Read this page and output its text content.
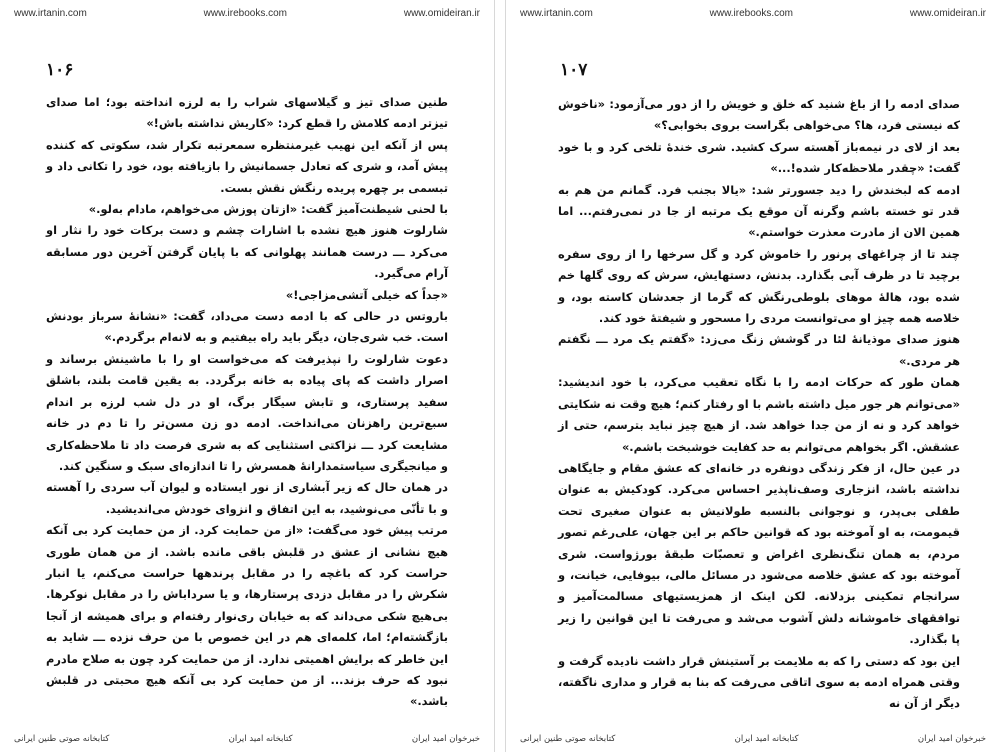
www.irtanin.com	www.irebooks.com	www.omideiran.ir
۱۰۶

طنین صدای تیز و گیلاسهای شراب را به لرزه انداخته بود؛ اما صدای تیزتر ادمه کلامش را قطع کرد: «کاریش نداشته باش!»

پس از آنکه این نهیب غیرمنتظره سمعرتبه تکرار شد، سکوتی که کننده پیش آمد، و شری که تعادل جسمانیش را بازیافته بود، خود را تکانی داد و تبسمی بر چهره پریده رنگش نقش بست.

با لحنی شیطنت‌آمیز گفت: «ازتان پوزش می‌خواهم، مادام به‌لو.»

شارلوت هنوز هیچ نشده با اشارات چشم و دست برکات خود را نثار او می‌کرد ـــ درست همانند پهلوانی که با پایان گرفتن آخرین دور مسابقه آرام می‌گیرد.

«جداً که خیلی آتشی‌مزاجی!»

باروتس در حالی که با ادمه دست می‌داد، گفت: «نشانهٔ سرباز بودنش است. خب شری‌جان، دیگر باید راه بیفتیم و به لانه‌ام برگردم.»

دعوت شارلوت را نپذیرفت که می‌خواست او را با ماشینش برساند و اصرار داشت که پای پیاده به خانه برگردد. به یقین قامت بلند، باشلق سفید پرستاری، و تابش سیگار برگ، او در دل شب لرزه بر اندام سبع‌ترین راهزنان می‌انداخت. ادمه دو زن مسن‌تر را تا دم در خانه مشایعت کرد ـــ نزاکتی استثنایی که به شری فرصت داد تا ملاحظه‌کاری و میانجیگری سیاستمدارانهٔ همسرش را تا اندازه‌ای سبک و سنگین کند.

در همان حال که زیر آبشاری از نور ایستاده و لیوان آب سردی را آهسته و با تأنّی می‌نوشید، به این اتفاق و انزوای خودش می‌اندیشید.

مرتب پیش خود می‌گفت: «از من حمایت کرد. از من حمایت کرد بی آنکه هیچ نشانی از عشق در قلبش باقی مانده باشد. از من همان طوری حراست کرد که باغچه را در مقابل پرندهها حراست می‌کنم، یا انبار شکرش را در مقابل دزدی پرستارها، و یا سرداباش را در مقابل نوکرها. بی‌هیچ شکی می‌داند که به خیابان ری‌نوار رفته‌ام و برای همیشه از آنجا بازگشته‌ام؛ اما، کلمه‌ای هم در این خصوص با من حرف نزده ـــ شاید به این خاطر که برایش اهمیتی ندارد. از من حمایت کرد چون به صلاح مادرم نبود که حرف بزند... از من حمایت کرد بی آنکه هیچ محبتی در قلبش باشد.»

خبرخوان امید ایران
کتابخانه امید ایران
کتابخانه صوتی طنین ایرانی
www.irtanin.com	www.irebooks.com	www.omideiran.ir
۱۰۷

صدای ادمه را از باغ شنید که خلق و خویش را از دور می‌آزمود: «ناخوش که نیستی فرد، ها؟ می‌خواهی بگراست بروی بخوابی؟»

بعد از لای در نیمه‌باز آهسته سرک کشید. شری خندهٔ تلخی کرد و با خود گفت: «چقدر ملاحظه‌کار شده!...»

ادمه که لبخندش را دید جسورتر شد: «یالا بجنب فرد. گمانم من هم به قدر تو خسته باشم وگرنه آن موقع یک مرتبه از جا در نمی‌رفتم... اما همین الان از مادرت معذرت خواستم.»

چند تا از چراغهای پرنور را خاموش کرد و گل سرخها را از روی سفره برچید تا در ظرف آبی بگذارد. بدنش، دستهایش، سرش که روی گلها خم شده بود، هالهٔ موهای بلوطی‌رنگش که گرما از جعدشان کاسته بود، و خلاصه همه چیز او می‌توانست مردی را مسحور و شیفتهٔ خود کند.

هنوز صدای موذیانهٔ لئا در گوشش زنگ می‌زد: «گفتم یک مرد ـــ نگفتم هر مردی.»

همان طور که حرکات ادمه را با نگاه تعقیب می‌کرد، با خود اندیشید: «می‌توانم هر جور میل داشته باشم با او رفتار کنم؛ هیچ وقت نه شکایتی خواهد کرد و نه از من جدا خواهد شد. از هیچ چیز نباید بترسم، حتی از عشقش. اگر بخواهم می‌توانم به حد کفایت خوشبخت باشم.»

در عین حال، از فکر زندگی دونفره در خانه‌ای که عشق مقام و جایگاهی نداشته باشد، انزجاری وصف‌ناپذیر احساس می‌کرد. کودکیش به عنوان طفلی بی‌پدر، و نوجوانی بالنسبه طولانیش به عنوان صغیری تحت قیمومت، به او آموخته بود که قوانین حاکم بر این جهان، علی‌رغم تصور مردم، به همان تنگ‌نظری اغراض و تعصبّات طبقهٔ بورژواست. شری آموخته بود که عشق خلاصه می‌شود در مسائل مالی، بیوفایی، خیانت، و سرانجام تمکینی بزدلانه. لکن اینک از همزیستیهای مسالمت‌آمیز و توافقهای خاموشانه دلش آشوب می‌شد و می‌رفت تا این قوانین را زیر پا بگذارد.

این بود که دستی را که به ملایمت بر آستینش قرار داشت نادیده گرفت و وقتی همراه ادمه به سوی اتاقی می‌رفت که بنا به قرار و مداری ناگفته، دیگر از آن نه

خبرخوان امید ایران
کتابخانه امید ایران
کتابخانه صوتی طنین ایرانی
